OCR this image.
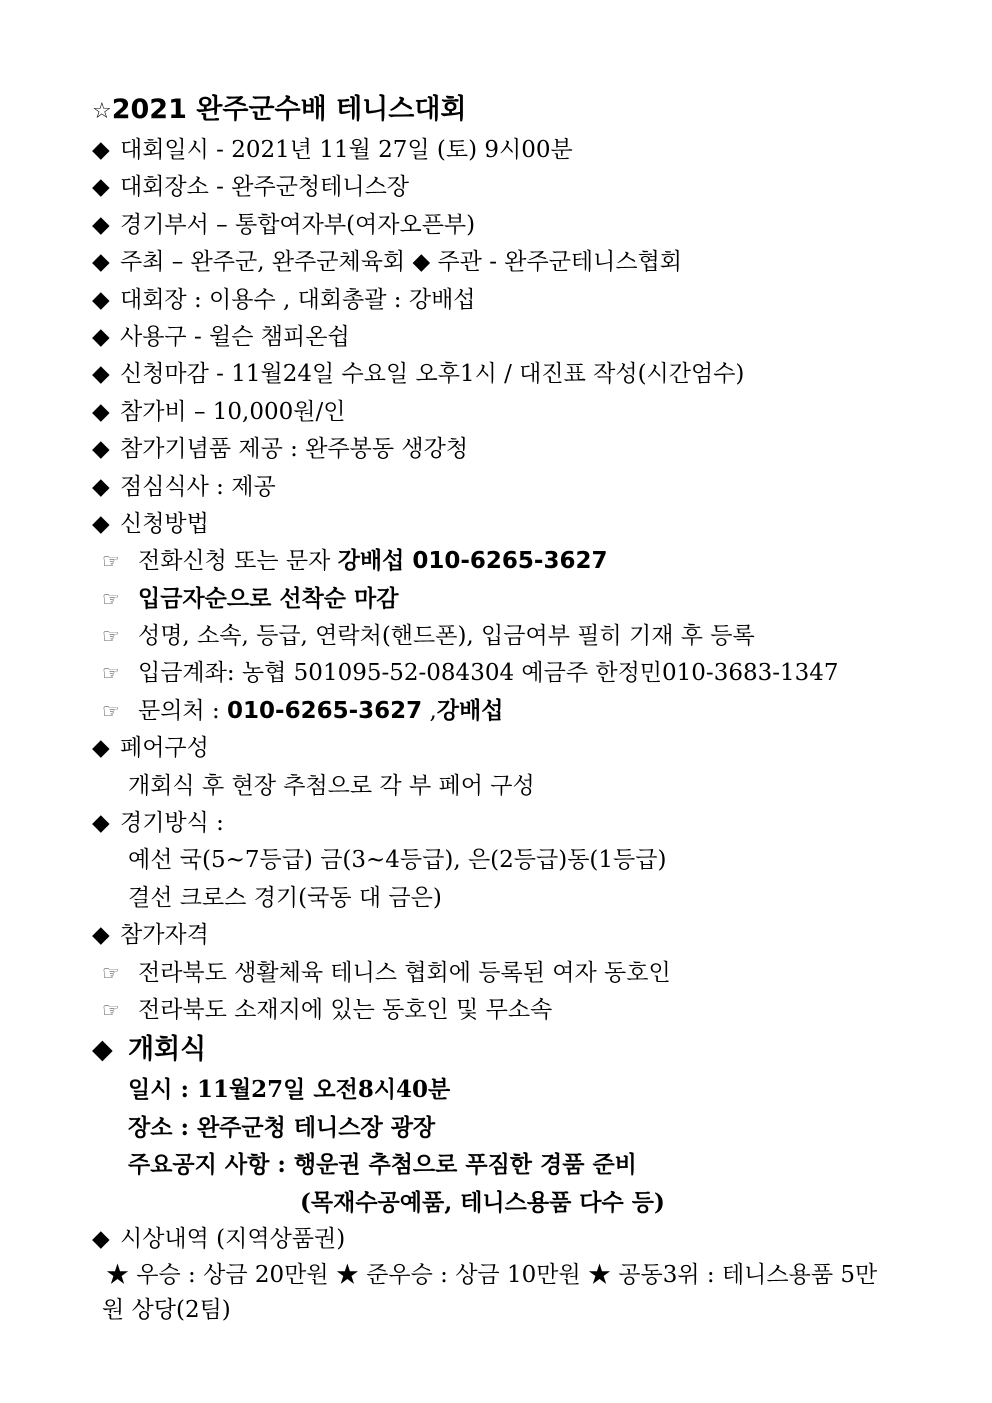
☆2021 완주군수배 테니스대회
◆ 대회일시 - 2021년 11월 27일 (토) 9시00분
◆ 대회장소 - 완주군청테니스장
◆ 경기부서 – 통합여자부(여자오픈부)
◆ 주최 – 완주군, 완주군체육회 ◆ 주관 - 완주군테니스협회
◆ 대회장 : 이용수 , 대회총괄 : 강배섭
◆ 사용구 - 윌슨 챔피온쉽
◆ 신청마감 - 11월24일 수요일 오후1시 / 대진표 작성(시간엄수)
◆ 참가비 – 10,000원/인
◆ 참가기념품 제공 : 완주봉동 생강청
◆ 점심식사 : 제공
◆ 신청방법
☞ 전화신청 또는 문자 강배섭 010-6265-3627
☞ 입금자순으로 선착순 마감
☞ 성명, 소속, 등급, 연락처(핸드폰), 입금여부 필히 기재 후 등록
☞ 입금계좌: 농협 501095-52-084304 예금주 한정민010-3683-1347
☞ 문의처 : 010-6265-3627 ,강배섭
◆ 페어구성
개회식 후 현장 추첨으로 각 부 페어 구성
◆ 경기방식 :
예선 국(5~7등급) 금(3~4등급), 은(2등급)동(1등급)
결선 크로스 경기(국동 대 금은)
◆ 참가자격
☞ 전라북도 생활체육 테니스 협회에 등록된 여자 동호인
☞ 전라북도 소재지에 있는 동호인 및 무소속
◆ 개회식
일시 : 11월27일 오전8시40분
장소 : 완주군청 테니스장 광장
주요공지 사항 : 행운권 추첨으로 푸짐한 경품 준비
(목재수공예품, 테니스용품 다수 등)
◆ 시상내역 (지역상품권)
★ 우승 : 상금 20만원 ★ 준우승 : 상금 10만원 ★ 공동3위 : 테니스용품 5만원 상당(2팀)
